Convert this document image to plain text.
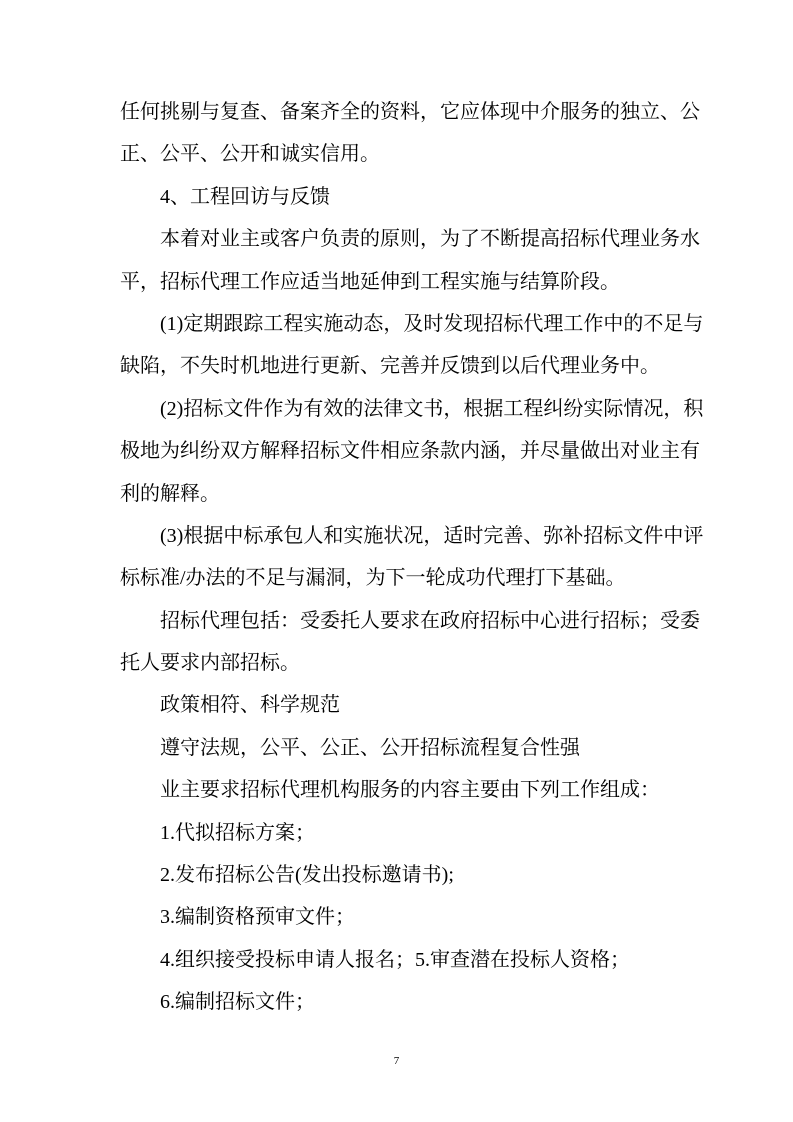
任何挑剔与复查、备案齐全的资料，它应体现中介服务的独立、公
正、公平、公开和诚实信用。

4、工程回访与反馈

本着对业主或客户负责的原则，为了不断提高招标代理业务水
平，招标代理工作应适当地延伸到工程实施与结算阶段。

(1)定期跟踪工程实施动态，及时发现招标代理工作中的不足与
缺陷，不失时机地进行更新、完善并反馈到以后代理业务中。

(2)招标文件作为有效的法律文书，根据工程纠纷实际情况，积
极地为纠纷双方解释招标文件相应条款内涵，并尽量做出对业主有
利的解释。

(3)根据中标承包人和实施状况，适时完善、弥补招标文件中评
标标准/办法的不足与漏洞，为下一轮成功代理打下基础。

招标代理包括：受委托人要求在政府招标中心进行招标；受委
托人要求内部招标。

政策相符、科学规范

遵守法规，公平、公正、公开招标流程复合性强

业主要求招标代理机构服务的内容主要由下列工作组成：

1.代拟招标方案；

2.发布招标公告(发出投标邀请书);

3.编制资格预审文件；

4.组织接受投标申请人报名；5.审查潜在投标人资格；

6.编制招标文件；

7
